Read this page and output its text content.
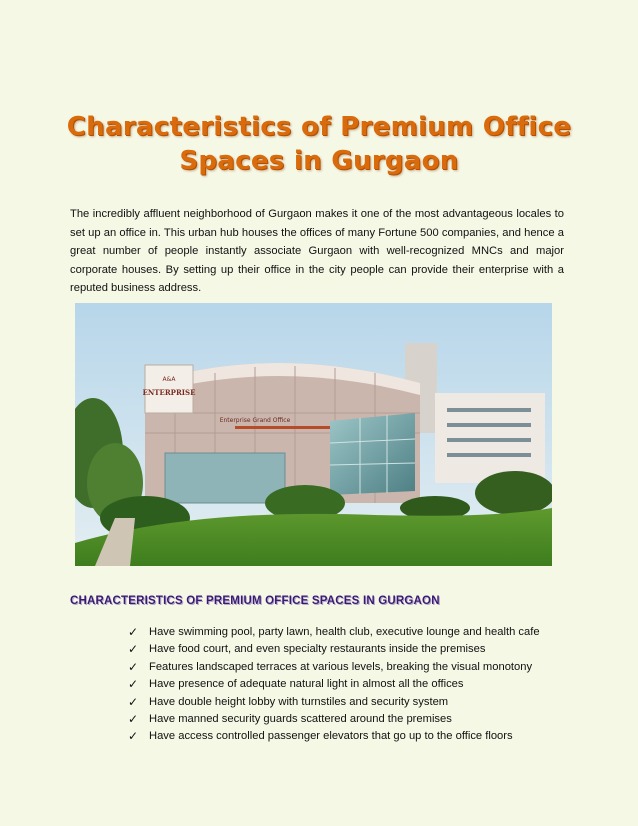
Characteristics of Premium Office
Spaces in Gurgaon

The incredibly affluent neighborhood of Gurgaon makes it one of the most advantageous locales to set up an office in. This urban hub houses the offices of many Fortune 500 companies, and hence a great number of people instantly associate Gurgaon with well-recognized MNCs and major corporate houses. By setting up their office in the city people can provide their enterprise with a reputed business address.

A&A
ENTERPRISE
Enterprise Grand Office
CHARACTERISTICS OF PREMIUM OFFICE SPACES IN GURGAON
✓ Have swimming pool, party lawn, health club, executive lounge and health cafe
✓ Have food court, and even specialty restaurants inside the premises
✓ Features landscaped terraces at various levels, breaking the visual monotony
✓ Have presence of adequate natural light in almost all the offices
✓ Have double height lobby with turnstiles and security system
✓ Have manned security guards scattered around the premises
✓ Have access controlled passenger elevators that go up to the office floors
